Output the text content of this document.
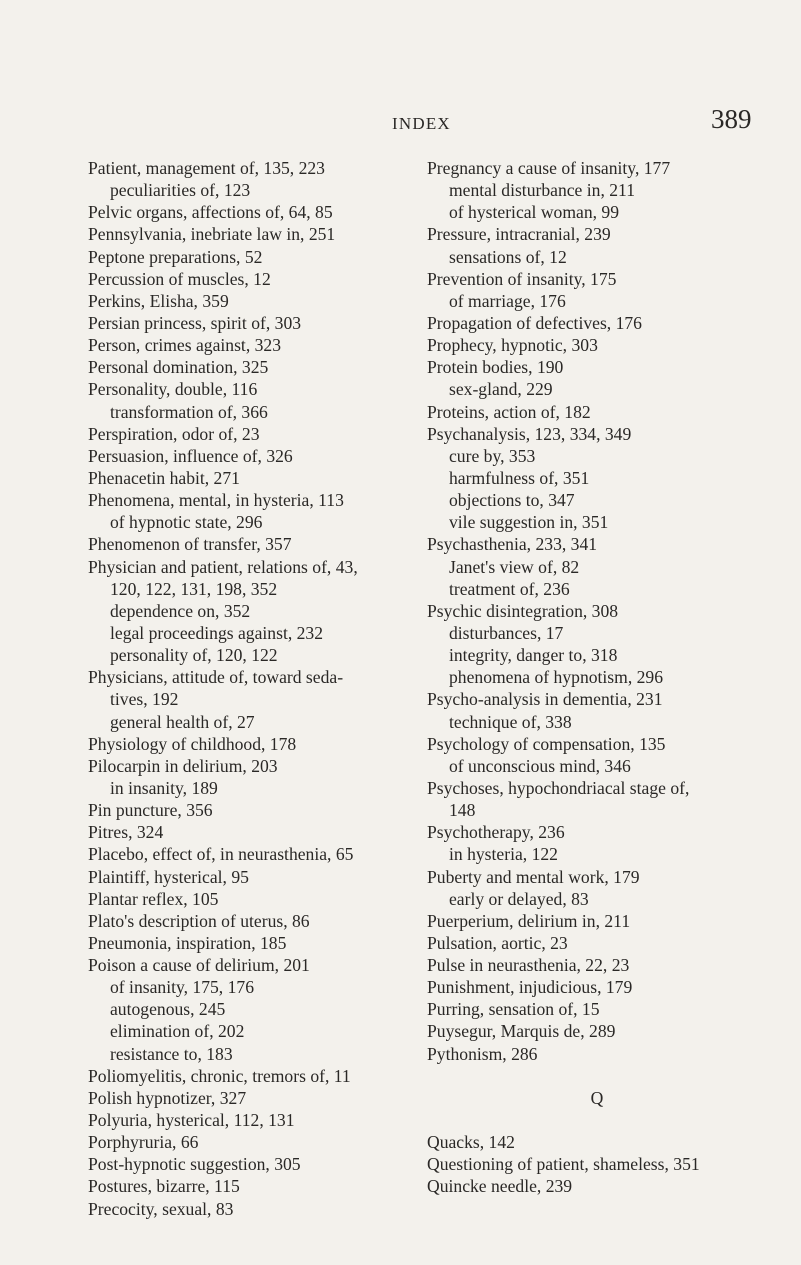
INDEX	389
Patient, management of, 135, 223
peculiarities of, 123
Pelvic organs, affections of, 64, 85
Pennsylvania, inebriate law in, 251
Peptone preparations, 52
Percussion of muscles, 12
Perkins, Elisha, 359
Persian princess, spirit of, 303
Person, crimes against, 323
Personal domination, 325
Personality, double, 116
transformation of, 366
Perspiration, odor of, 23
Persuasion, influence of, 326
Phenacetin habit, 271
Phenomena, mental, in hysteria, 113
of hypnotic state, 296
Phenomenon of transfer, 357
Physician and patient, relations of, 43,
120, 122, 131, 198, 352
dependence on, 352
legal proceedings against, 232
personality of, 120, 122
Physicians, attitude of, toward seda-
tives, 192
general health of, 27
Physiology of childhood, 178
Pilocarpin in delirium, 203
in insanity, 189
Pin puncture, 356
Pitres, 324
Placebo, effect of, in neurasthenia, 65
Plaintiff, hysterical, 95
Plantar reflex, 105
Plato's description of uterus, 86
Pneumonia, inspiration, 185
Poison a cause of delirium, 201
of insanity, 175, 176
autogenous, 245
elimination of, 202
resistance to, 183
Poliomyelitis, chronic, tremors of, 11
Polish hypnotizer, 327
Polyuria, hysterical, 112, 131
Porphyruria, 66
Post-hypnotic suggestion, 305
Postures, bizarre, 115
Precocity, sexual, 83
Pregnancy a cause of insanity, 177
mental disturbance in, 211
of hysterical woman, 99
Pressure, intracranial, 239
sensations of, 12
Prevention of insanity, 175
of marriage, 176
Propagation of defectives, 176
Prophecy, hypnotic, 303
Protein bodies, 190
sex-gland, 229
Proteins, action of, 182
Psychanalysis, 123, 334, 349
cure by, 353
harmfulness of, 351
objections to, 347
vile suggestion in, 351
Psychasthenia, 233, 341
Janet's view of, 82
treatment of, 236
Psychic disintegration, 308
disturbances, 17
integrity, danger to, 318
phenomena of hypnotism, 296
Psycho-analysis in dementia, 231
technique of, 338
Psychology of compensation, 135
of unconscious mind, 346
Psychoses, hypochondriacal stage of,
148
Psychotherapy, 236
in hysteria, 122
Puberty and mental work, 179
early or delayed, 83
Puerperium, delirium in, 211
Pulsation, aortic, 23
Pulse in neurasthenia, 22, 23
Punishment, injudicious, 179
Purring, sensation of, 15
Puysegur, Marquis de, 289
Pythonism, 286
Q
Quacks, 142
Questioning of patient, shameless, 351
Quincke needle, 239
